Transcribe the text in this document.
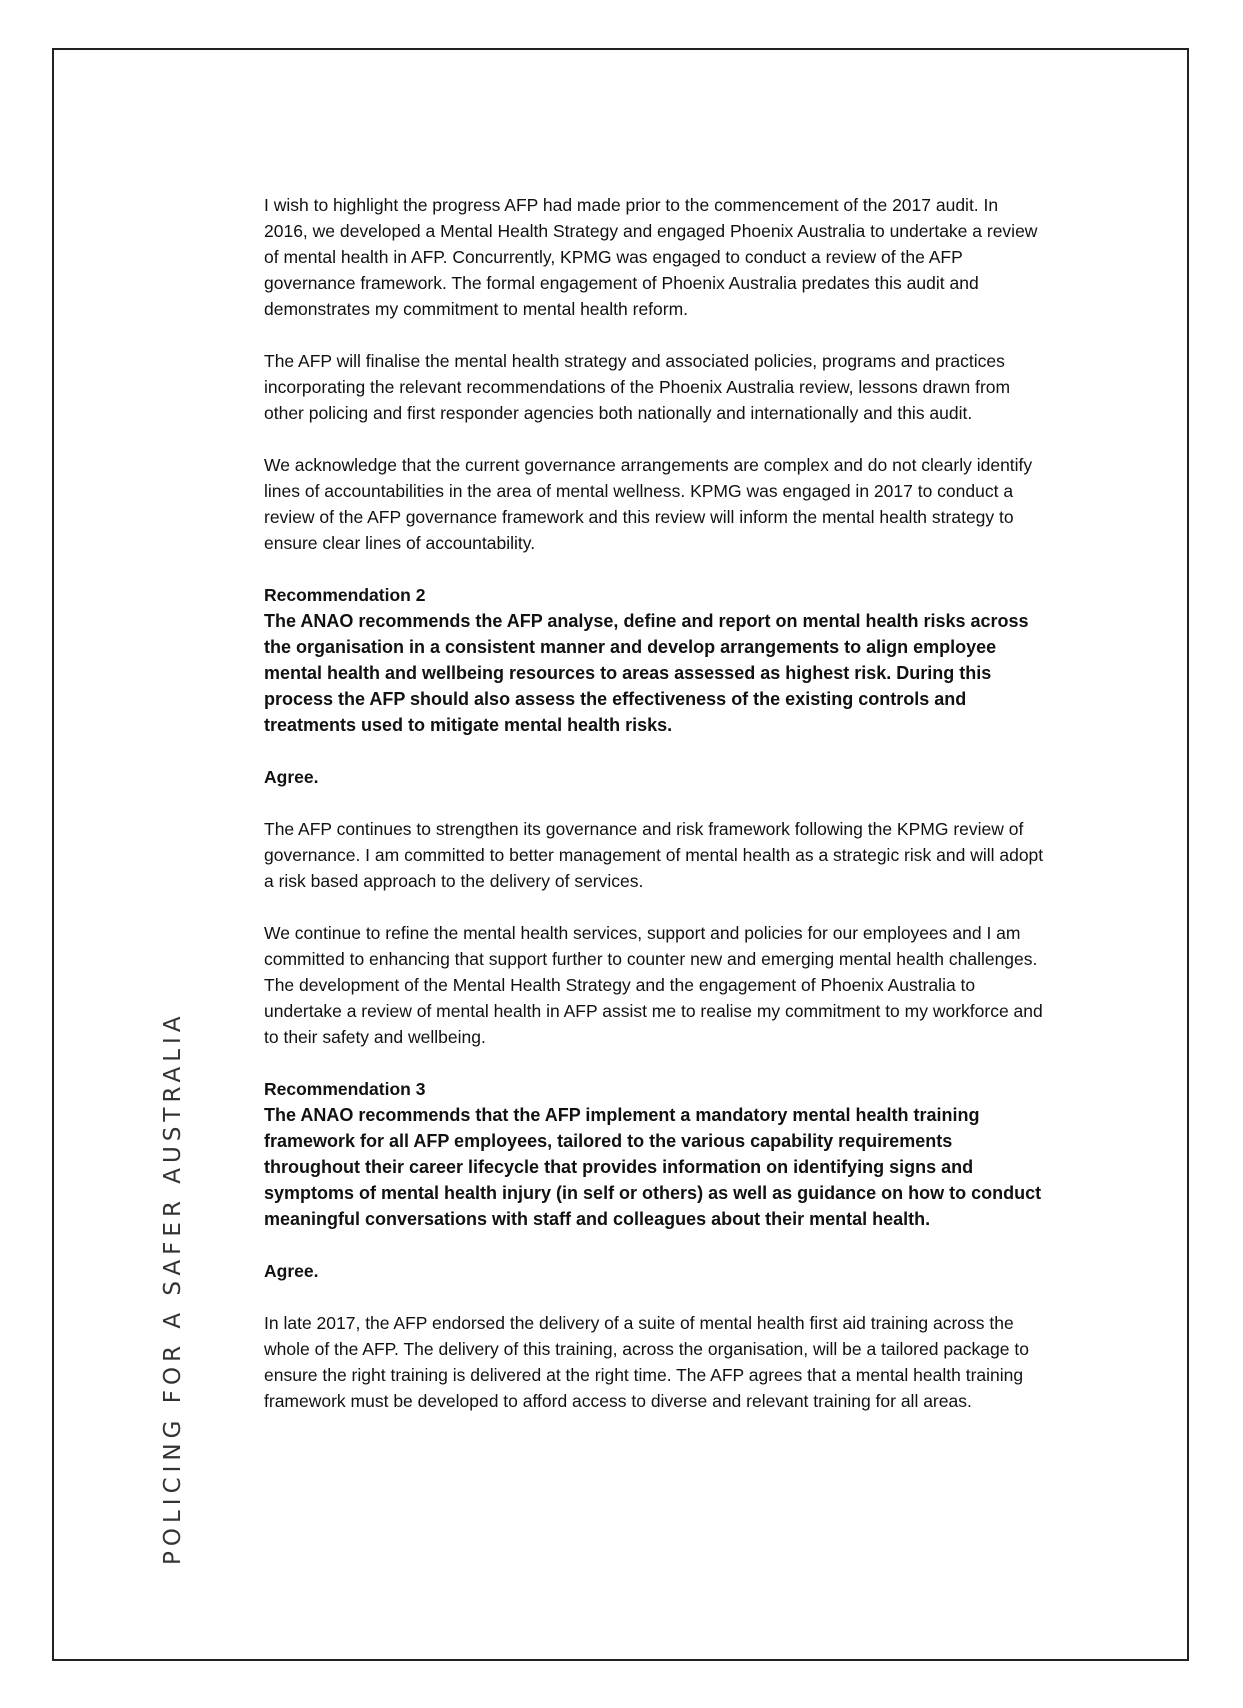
POLICING FOR A SAFER AUSTRALIA

I wish to highlight the progress AFP had made prior to the commencement of the 2017 audit. In 2016, we developed a Mental Health Strategy and engaged Phoenix Australia to undertake a review of mental health in AFP. Concurrently, KPMG was engaged to conduct a review of the AFP governance framework. The formal engagement of Phoenix Australia predates this audit and demonstrates my commitment to mental health reform.

The AFP will finalise the mental health strategy and associated policies, programs and practices incorporating the relevant recommendations of the Phoenix Australia review, lessons drawn from other policing and first responder agencies both nationally and internationally and this audit.

We acknowledge that the current governance arrangements are complex and do not clearly identify lines of accountabilities in the area of mental wellness. KPMG was engaged in 2017 to conduct a review of the AFP governance framework and this review will inform the mental health strategy to ensure clear lines of accountability.

Recommendation 2
The ANAO recommends the AFP analyse, define and report on mental health risks across the organisation in a consistent manner and develop arrangements to align employee mental health and wellbeing resources to areas assessed as highest risk. During this process the AFP should also assess the effectiveness of the existing controls and treatments used to mitigate mental health risks.

Agree.

The AFP continues to strengthen its governance and risk framework following the KPMG review of governance. I am committed to better management of mental health as a strategic risk and will adopt a risk based approach to the delivery of services.

We continue to refine the mental health services, support and policies for our employees and I am committed to enhancing that support further to counter new and emerging mental health challenges. The development of the Mental Health Strategy and the engagement of Phoenix Australia to undertake a review of mental health in AFP assist me to realise my commitment to my workforce and to their safety and wellbeing.

Recommendation 3
The ANAO recommends that the AFP implement a mandatory mental health training framework for all AFP employees, tailored to the various capability requirements throughout their career lifecycle that provides information on identifying signs and symptoms of mental health injury (in self or others) as well as guidance on how to conduct meaningful conversations with staff and colleagues about their mental health.

Agree.

In late 2017, the AFP endorsed the delivery of a suite of mental health first aid training across the whole of the AFP. The delivery of this training, across the organisation, will be a tailored package to ensure the right training is delivered at the right time. The AFP agrees that a mental health training framework must be developed to afford access to diverse and relevant training for all areas.
